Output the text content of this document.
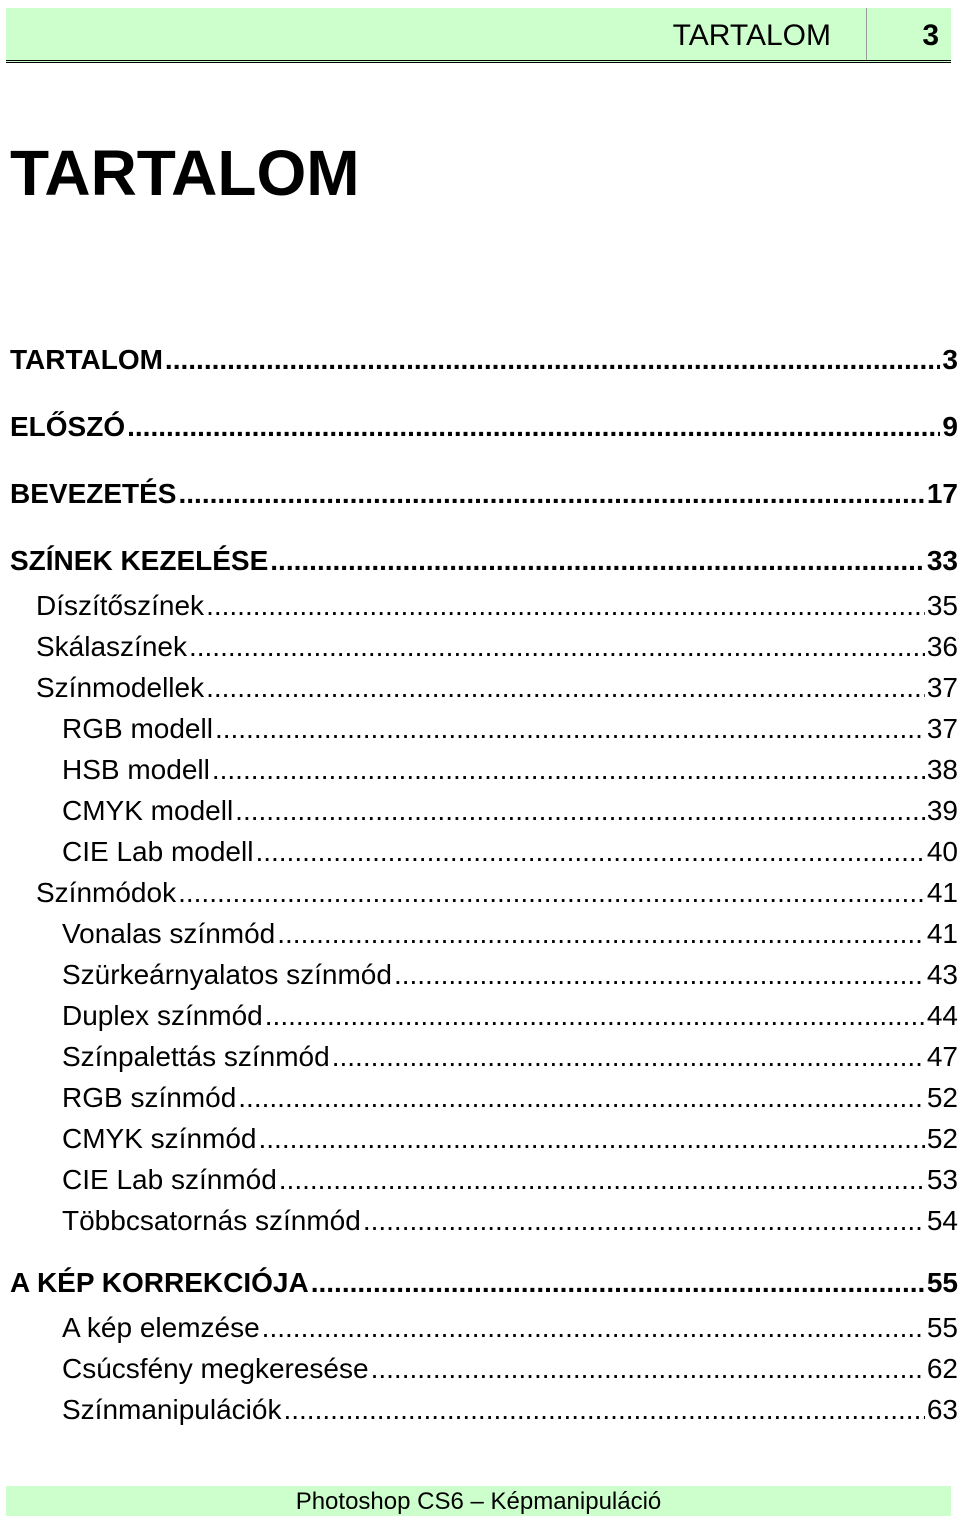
TARTALOM	3
TARTALOM
TARTALOM .....	3
ELŐSZÓ .....	9
BEVEZETÉS .....	17
SZÍNEK KEZELÉSE .....	33
Díszítőszínek .....	35
Skálaszínek .....	36
Színmodellek .....	37
RGB modell .....	37
HSB modell .....	38
CMYK modell .....	39
CIE Lab modell .....	40
Színmódok .....	41
Vonalas színmód .....	41
Szürkeárnyalatos színmód .....	43
Duplex színmód .....	44
Színpalettás színmód .....	47
RGB színmód .....	52
CMYK színmód .....	52
CIE Lab színmód .....	53
Többcsatornás színmód .....	54
A KÉP KORREKCIÓJA .....	55
A kép elemzése .....	55
Csúcsfény megkeresése .....	62
Színmanipulációk .....	63
Photoshop CS6 – Képmanipuláció
